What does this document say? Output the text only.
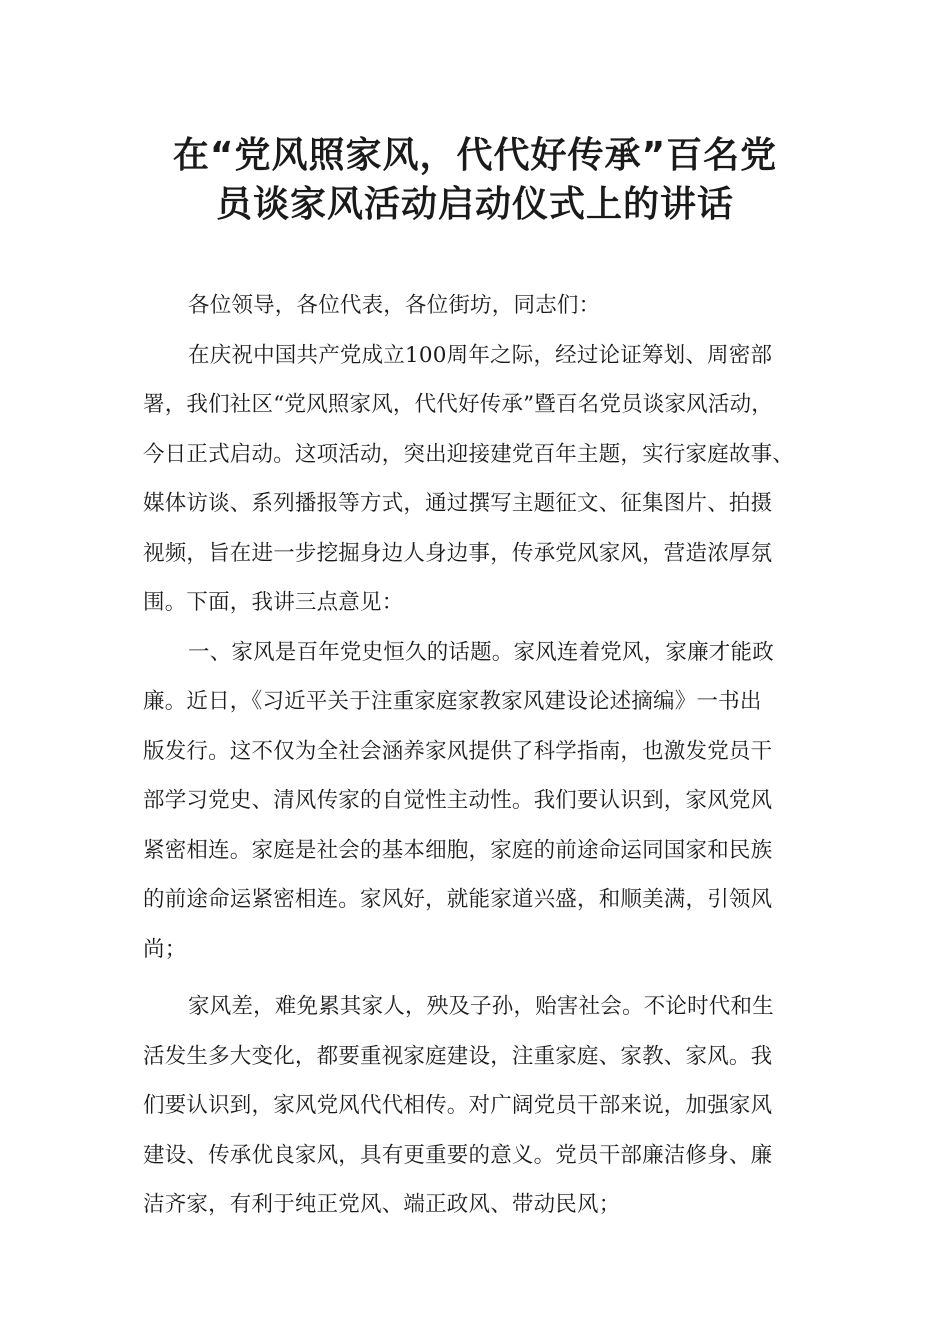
在“党风照家风，代代好传承”百名党
员谈家风活动启动仪式上的讲话
各位领导，各位代表，各位街坊，同志们：
在庆祝中国共产党成立100周年之际，经过论证筹划、周密部
署，我们社区“党风照家风，代代好传承”暨百名党员谈家风活动，
今日正式启动。这项活动，突出迎接建党百年主题，实行家庭故事、
媒体访谈、系列播报等方式，通过撰写主题征文、征集图片、拍摄
视频，旨在进一步挖掘身边人身边事，传承党风家风，营造浓厚氛
围。下面，我讲三点意见：
一、家风是百年党史恒久的话题。家风连着党风，家廉才能政
廉。近日，《习近平关于注重家庭家教家风建设论述摘编》一书出
版发行。这不仅为全社会涵养家风提供了科学指南，也激发党员干
部学习党史、清风传家的自觉性主动性。我们要认识到，家风党风
紧密相连。家庭是社会的基本细胞，家庭的前途命运同国家和民族
的前途命运紧密相连。家风好，就能家道兴盛，和顺美满，引领风
尚；
家风差，难免累其家人，殃及子孙，贻害社会。不论时代和生
活发生多大变化，都要重视家庭建设，注重家庭、家教、家风。我
们要认识到，家风党风代代相传。对广阔党员干部来说，加强家风
建设、传承优良家风，具有更重要的意义。党员干部廉洁修身、廉
洁齐家，有利于纯正党风、端正政风、带动民风；
